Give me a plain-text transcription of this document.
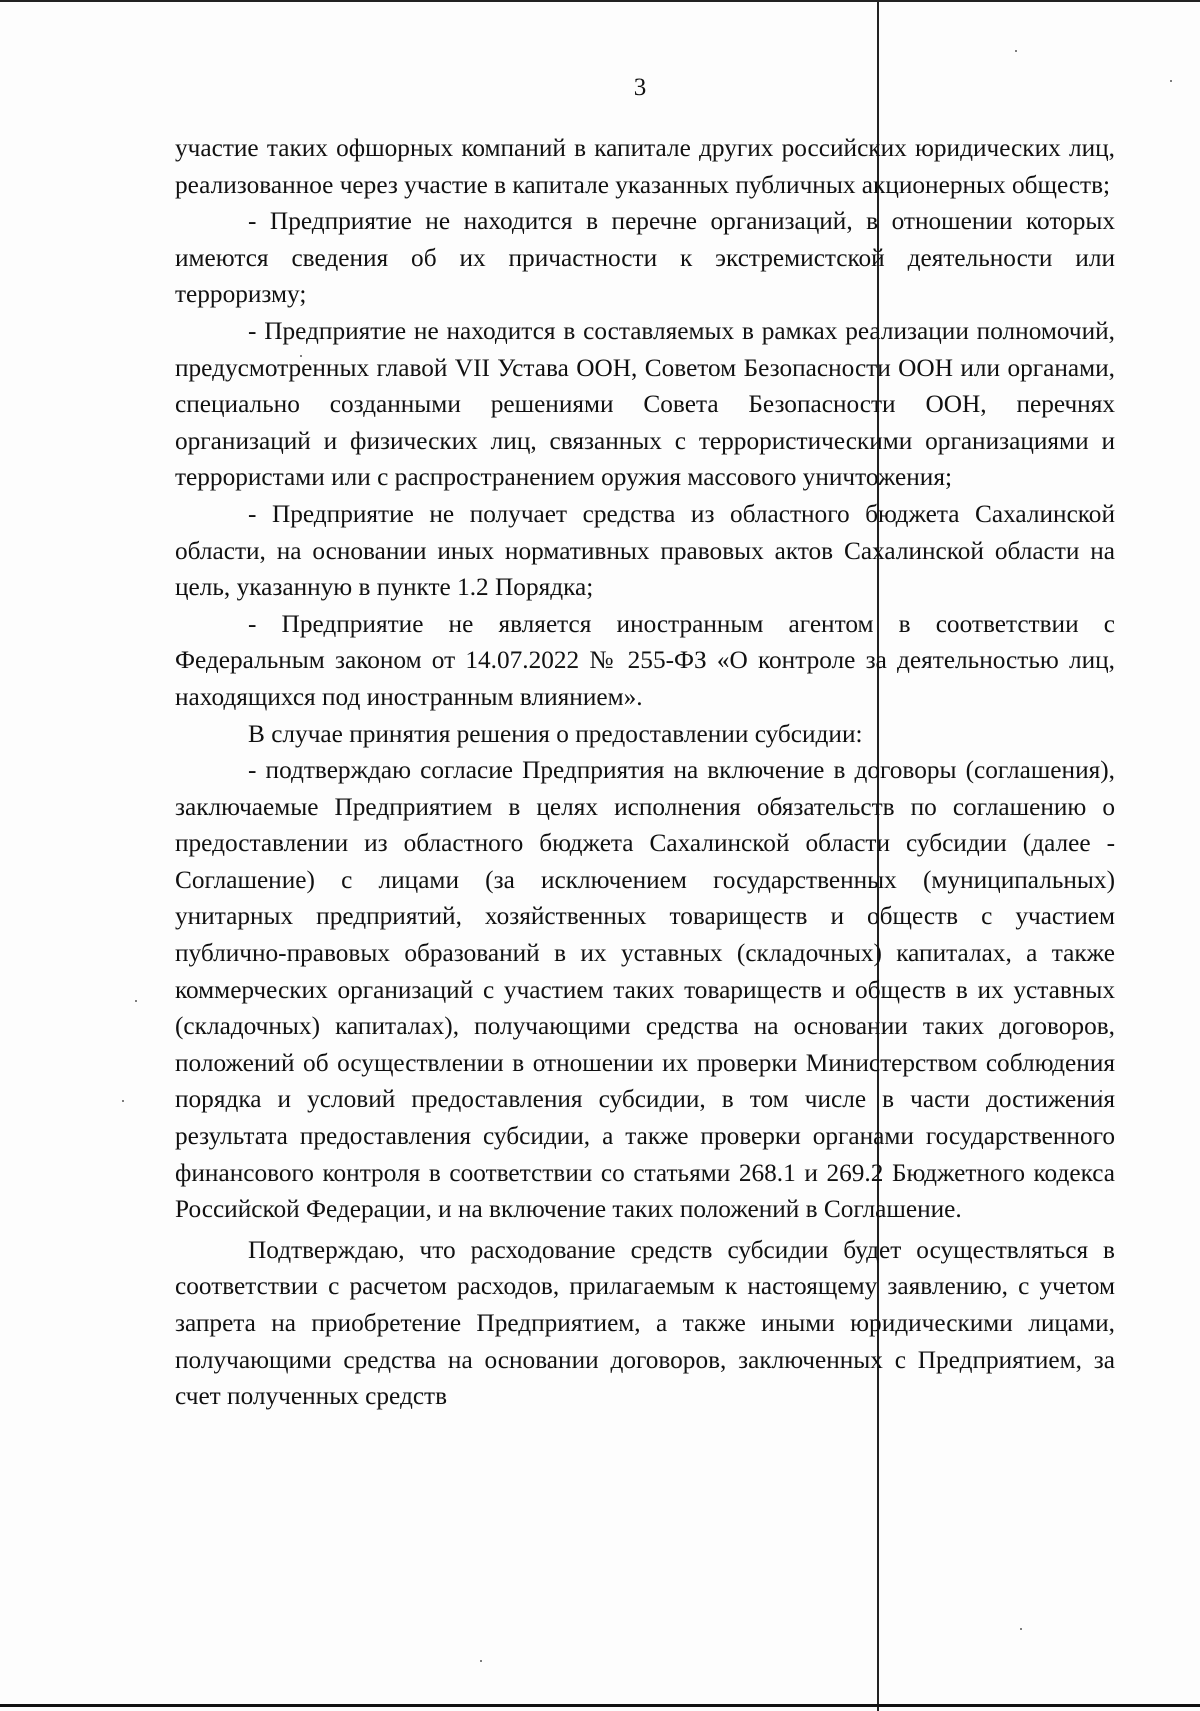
3

участие таких офшорных компаний в капитале других российских юридических лиц, реализованное через участие в капитале указанных публичных акционерных обществ;

- Предприятие не находится в перечне организаций, в отношении которых имеются сведения об их причастности к экстремистской деятельности или терроризму;

- Предприятие не находится в составляемых в рамках реализации полномочий, предусмотренных главой VII Устава ООН, Советом Безопасности ООН или органами, специально созданными решениями Совета Безопасности ООН, перечнях организаций и физических лиц, связанных с террористическими организациями и террористами или с распространением оружия массового уничтожения;

- Предприятие не получает средства из областного бюджета Сахалинской области, на основании иных нормативных правовых актов Сахалинской области на цель, указанную в пункте 1.2 Порядка;

- Предприятие не является иностранным агентом в соответствии с Федеральным законом от 14.07.2022 № 255-ФЗ «О контроле за деятельностью лиц, находящихся под иностранным влиянием».

В случае принятия решения о предоставлении субсидии:

- подтверждаю согласие Предприятия на включение в договоры (соглашения), заключаемые Предприятием в целях исполнения обязательств по соглашению о предоставлении из областного бюджета Сахалинской области субсидии (далее - Соглашение) с лицами (за исключением государственных (муниципальных) унитарных предприятий, хозяйственных товариществ и обществ с участием публично-правовых образований в их уставных (складочных) капиталах, а также коммерческих организаций с участием таких товариществ и обществ в их уставных (складочных) капиталах), получающими средства на основании таких договоров, положений об осуществлении в отношении их проверки Министерством соблюдения порядка и условий предоставления субсидии, в том числе в части достижения результата предоставления субсидии, а также проверки органами государственного финансового контроля в соответствии со статьями 268.1 и 269.2 Бюджетного кодекса Российской Федерации, и на включение таких положений в Соглашение.

Подтверждаю, что расходование средств субсидии будет осуществляться в соответствии с расчетом расходов, прилагаемым к настоящему заявлению, с учетом запрета на приобретение Предприятием, а также иными юридическими лицами, получающими средства на основании договоров, заключенных с Предприятием, за счет полученных средств
